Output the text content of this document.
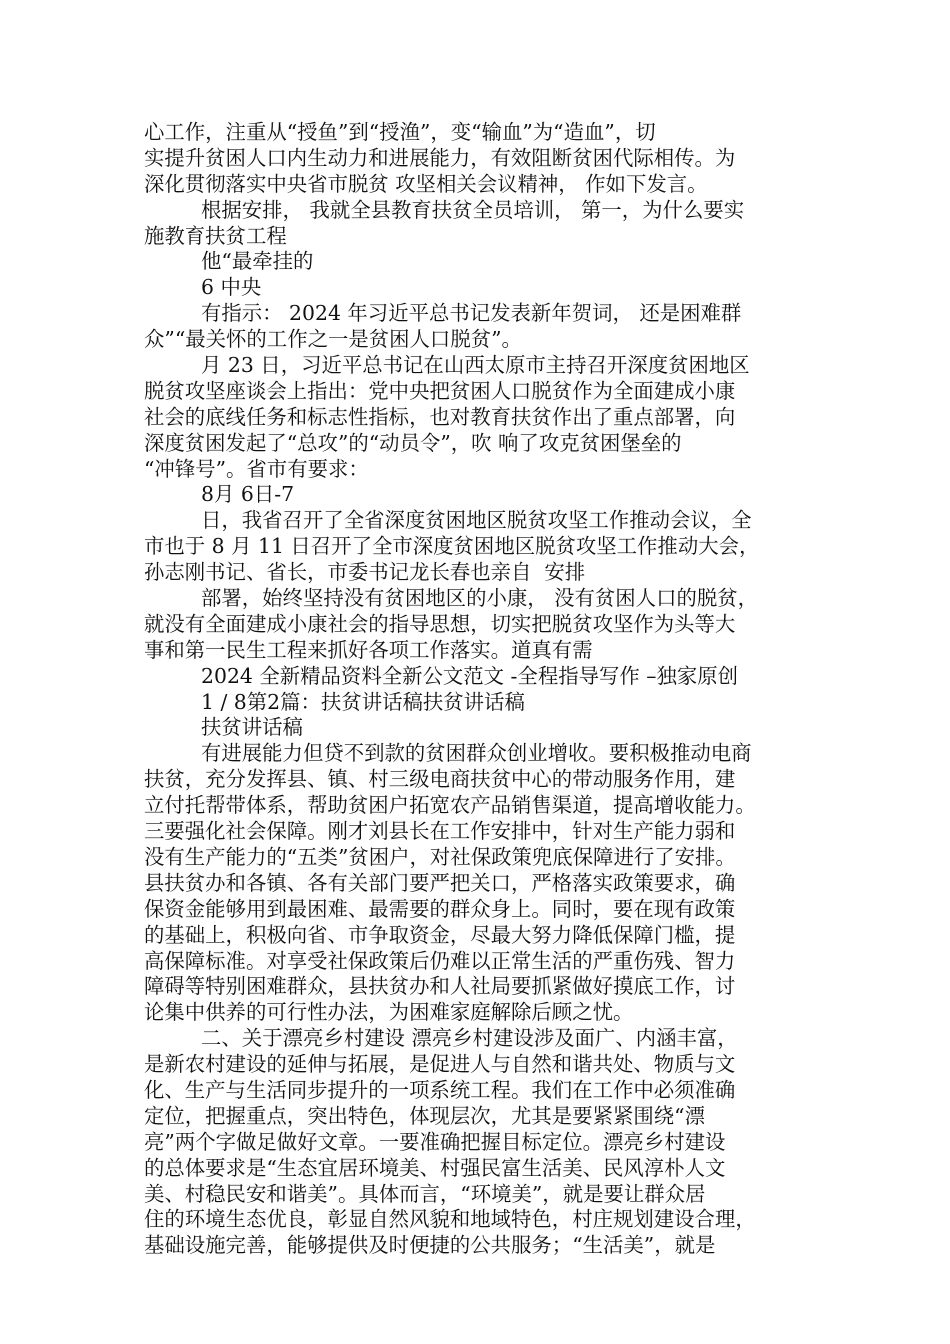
心工作，注重从“授鱼”到“授渔”，变“输血”为“造血”，切
实提升贫困人口内生动力和进展能力，有效阻断贫困代际相传。为
深化贯彻落实中央省市脱贫 攻坚相关会议精神， 作如下发言。
根据安排， 我就全县教育扶贫全员培训， 第一，为什么要实
施教育扶贫工程
他“最牵挂的
6 中央
有指示： 2024 年习近平总书记发表新年贺词， 还是困难群
众”“最关怀的工作之一是贫困人口脱贫”。
月 23 日，习近平总书记在山西太原市主持召开深度贫困地区
脱贫攻坚座谈会上指出：党中央把贫困人口脱贫作为全面建成小康
社会的底线任务和标志性指标，也对教育扶贫作出了重点部署，向
深度贫困发起了“总攻”的“动员令”，吹 响了攻克贫困堡垒的
“冲锋号”。省市有要求：
8月 6日-7
日，我省召开了全省深度贫困地区脱贫攻坚工作推动会议，全
市也于 8 月 11 日召开了全市深度贫困地区脱贫攻坚工作推动大会，
孙志刚书记、省长，市委书记龙长春也亲自  安排
部署，始终坚持没有贫困地区的小康， 没有贫困人口的脱贫，
就没有全面建成小康社会的指导思想，切实把脱贫攻坚作为头等大
事和第一民生工程来抓好各项工作落实。道真有需
2024 全新精品资料全新公文范文 -全程指导写作 –独家原创
1 / 8第2篇：扶贫讲话稿扶贫讲话稿
扶贫讲话稿
有进展能力但贷不到款的贫困群众创业增收。要积极推动电商
扶贫，充分发挥县、镇、村三级电商扶贫中心的带动服务作用，建
立付托帮带体系，帮助贫困户拓宽农产品销售渠道，提高增收能力。
三要强化社会保障。刚才刘县长在工作安排中，针对生产能力弱和
没有生产能力的“五类”贫困户，对社保政策兜底保障进行了安排。
县扶贫办和各镇、各有关部门要严把关口，严格落实政策要求，确
保资金能够用到最困难、最需要的群众身上。同时，要在现有政策
的基础上，积极向省、市争取资金，尽最大努力降低保障门槛，提
高保障标准。对享受社保政策后仍难以正常生活的严重伤残、智力
障碍等特别困难群众，县扶贫办和人社局要抓紧做好摸底工作，讨
论集中供养的可行性办法，为困难家庭解除后顾之忧。
二、关于漂亮乡村建设 漂亮乡村建设涉及面广、内涵丰富，
是新农村建设的延伸与拓展，是促进人与自然和谐共处、物质与文
化、生产与生活同步提升的一项系统工程。我们在工作中必须准确
定位，把握重点，突出特色，体现层次，尤其是要紧紧围绕“漂
亮”两个字做足做好文章。一要准确把握目标定位。漂亮乡村建设
的总体要求是“生态宜居环境美、村强民富生活美、民风淳朴人文
美、村稳民安和谐美”。具体而言，“环境美”，就是要让群众居
住的环境生态优良，彰显自然风貌和地域特色，村庄规划建设合理，
基础设施完善，能够提供及时便捷的公共服务；“生活美”，就是
